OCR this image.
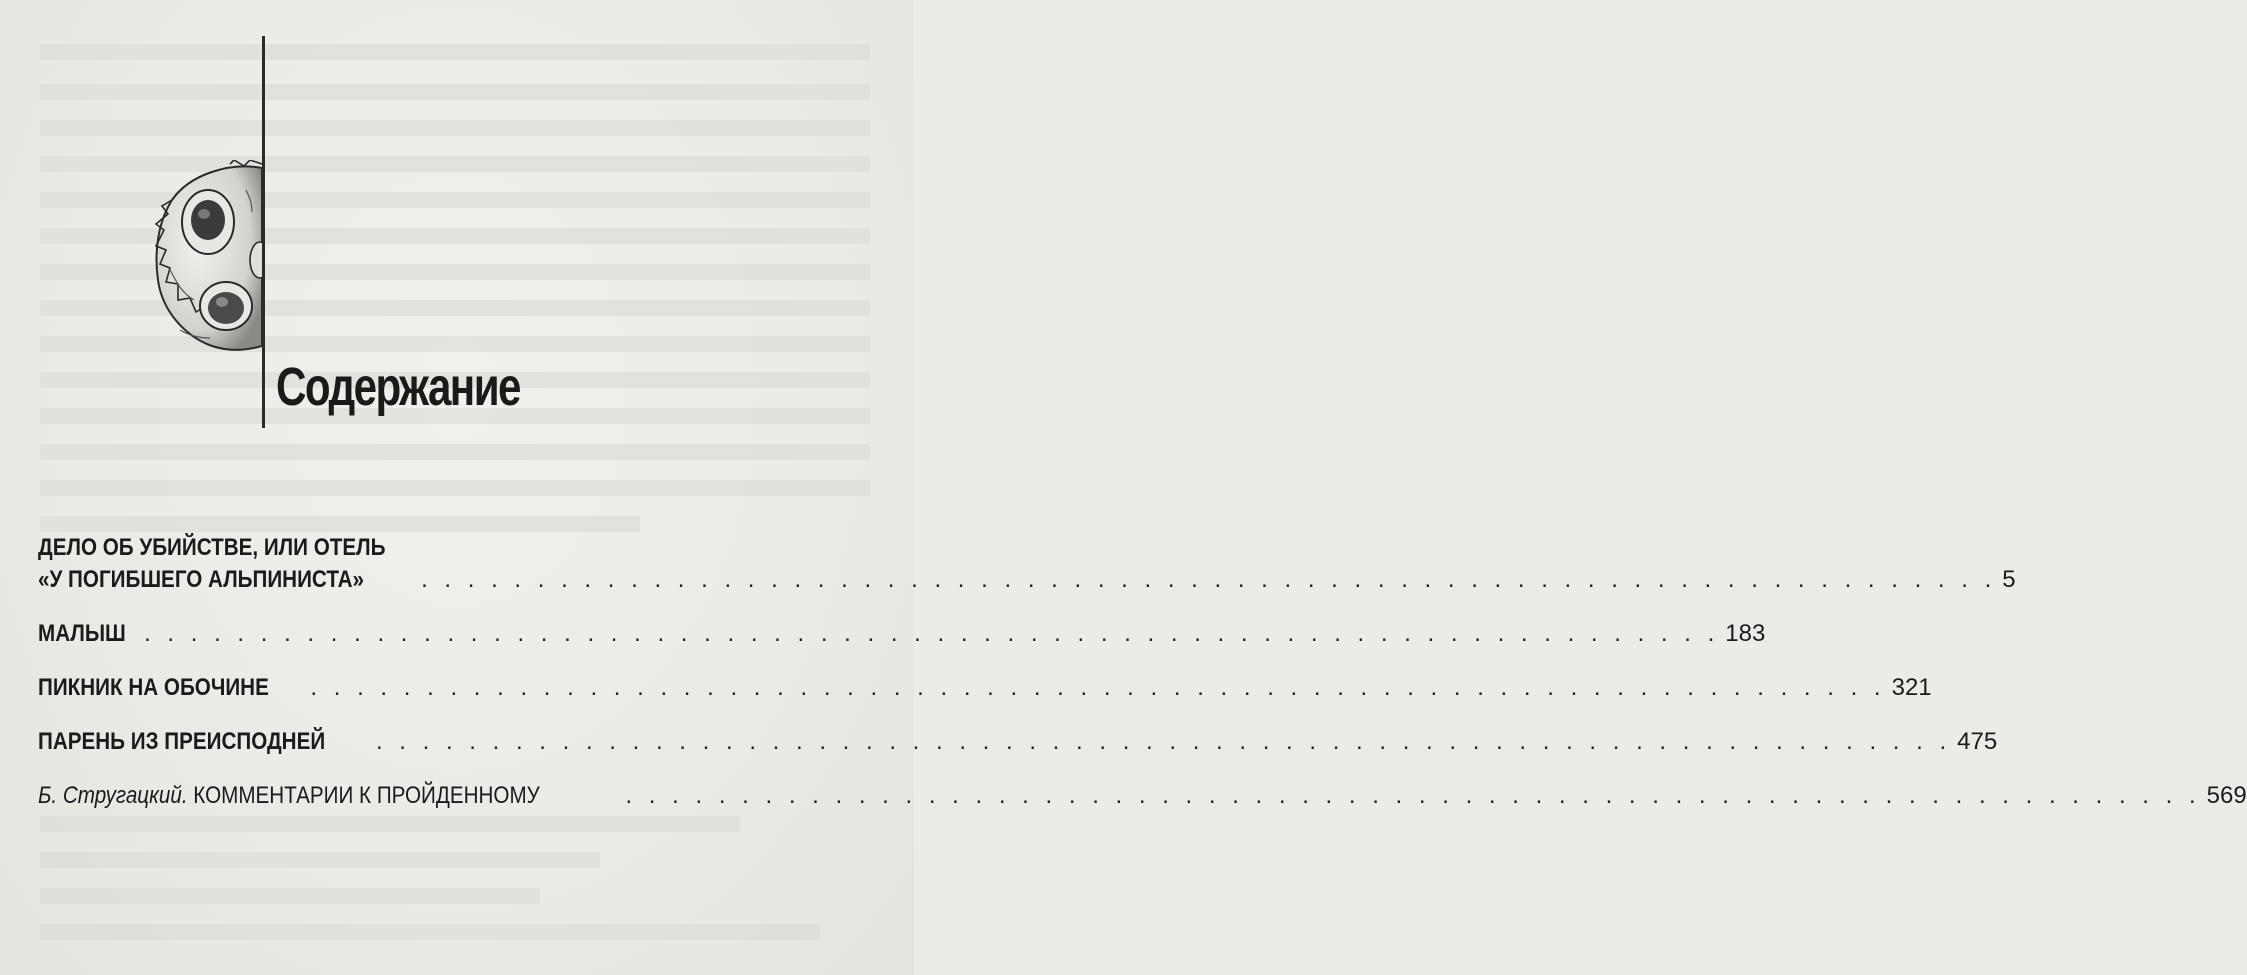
Содержание
ДЕЛО ОБ УБИЙСТВЕ, ИЛИ ОТЕЛЬ
«У ПОГИБШЕГО АЛЬПИНИСТА» . . . . . . . . . . . . . . . . . . . . . . . . . . . . . . . . . . . . . . . . . . . . . . . . . . . . . . . . . . . . . . . . . . . . 5
МАЛЫШ . . . . . . . . . . . . . . . . . . . . . . . . . . . . . . . . . . . . . . . . . . . . . . . . . . . . . . . . . . . . . . . . . . . . 183
ПИКНИК НА ОБОЧИНЕ . . . . . . . . . . . . . . . . . . . . . . . . . . . . . . . . . . . . . . . . . . . . . . . . . . . . . . . . . . . . . . . . . . . . 321
ПАРЕНЬ ИЗ ПРЕИСПОДНЕЙ . . . . . . . . . . . . . . . . . . . . . . . . . . . . . . . . . . . . . . . . . . . . . . . . . . . . . . . . . . . . . . . . . . . . 475
Б. Стругацкий. КОММЕНТАРИИ К ПРОЙДЕННОМУ	. . . . . . . . . . . . . . . . . . . . . . . . . . . . . . . . . . . . . . . . . . . . . . . . . . . . . . . . . . . . . . . . . . . . 569
